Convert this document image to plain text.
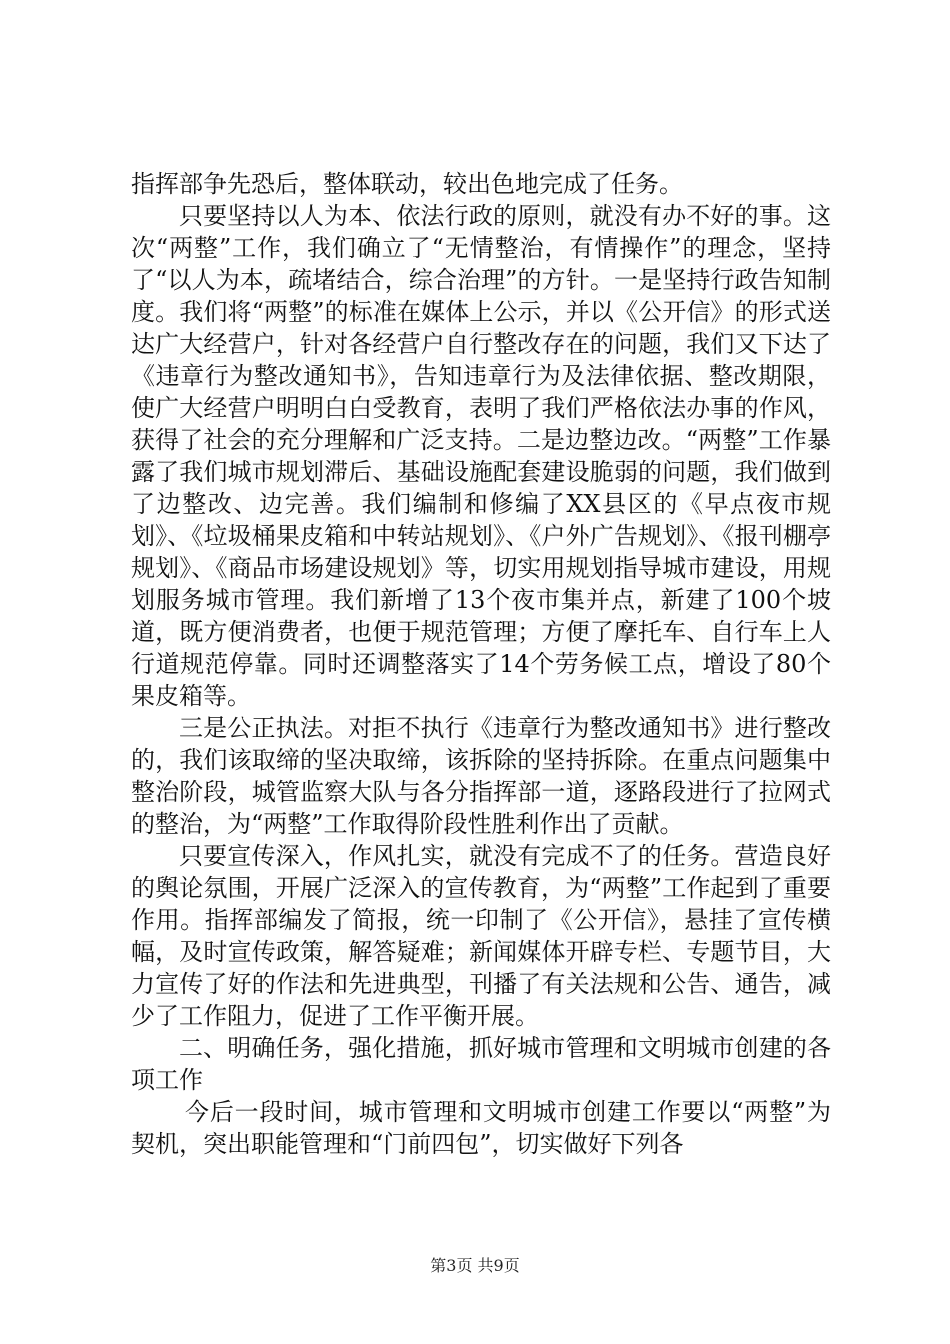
指挥部争先恐后，整体联动，较出色地完成了任务。

只要坚持以人为本、依法行政的原则，就没有办不好的事。这次“两整”工作，我们确立了“无情整治，有情操作”的理念，坚持了“以人为本，疏堵结合，综合治理”的方针。一是坚持行政告知制度。我们将“两整”的标准在媒体上公示，并以《公开信》的形式送达广大经营户，针对各经营户自行整改存在的问题，我们又下达了《违章行为整改通知书》，告知违章行为及法律依据、整改期限，使广大经营户明明白白受教育，表明了我们严格依法办事的作风，获得了社会的充分理解和广泛支持。二是边整边改。“两整”工作暴露了我们城市规划滞后、基础设施配套建设脆弱的问题，我们做到了边整改、边完善。我们编制和修编了XX县区的《早点夜市规划》、《垃圾桶果皮箱和中转站规划》、《户外广告规划》、《报刊棚亭规划》、《商品市场建设规划》等，切实用规划指导城市建设，用规划服务城市管理。我们新增了13个夜市集并点，新建了100个坡道，既方便消费者，也便于规范管理；方便了摩托车、自行车上人行道规范停靠。同时还调整落实了14个劳务候工点，增设了80个果皮箱等。

三是公正执法。对拒不执行《违章行为整改通知书》进行整改的，我们该取缔的坚决取缔，该拆除的坚持拆除。在重点问题集中整治阶段，城管监察大队与各分指挥部一道，逐路段进行了拉网式的整治，为“两整”工作取得阶段性胜利作出了贡献。

只要宣传深入，作风扎实，就没有完成不了的任务。营造良好的舆论氛围，开展广泛深入的宣传教育，为“两整”工作起到了重要作用。指挥部编发了简报，统一印制了《公开信》，悬挂了宣传横幅，及时宣传政策，解答疑难；新闻媒体开辟专栏、专题节目，大力宣传了好的作法和先进典型，刊播了有关法规和公告、通告，减少了工作阻力，促进了工作平衡开展。

二、明确任务，强化措施，抓好城市管理和文明城市创建的各项工作

今后一段时间，城市管理和文明城市创建工作要以“两整”为契机，突出职能管理和“门前四包”，切实做好下列各

第3页 共9页
